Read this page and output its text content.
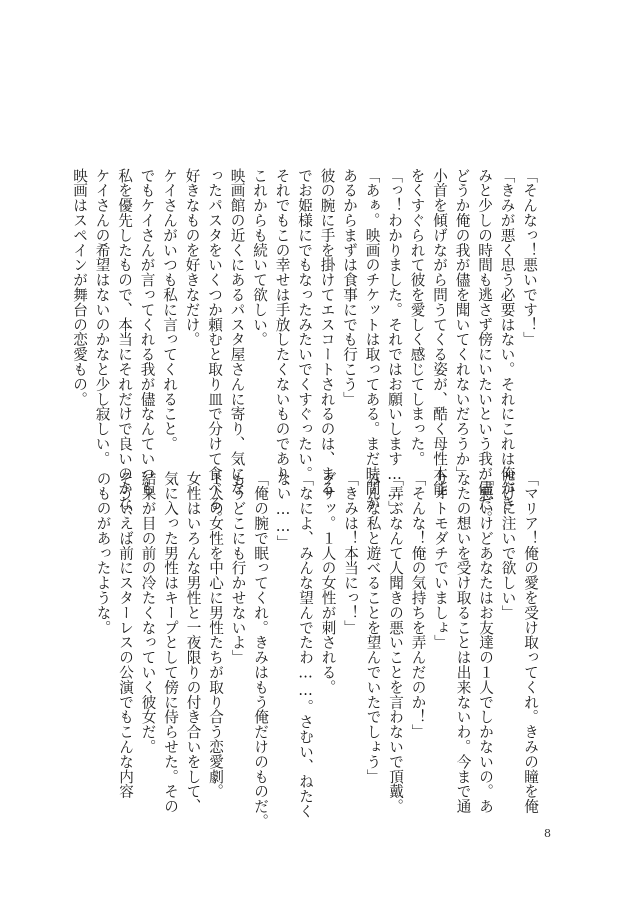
「そんなっ！悪いです！」
「きみが悪く思う必要はない。それにこれは俺がき
みと少しの時間も逃さず傍にいたいという我が儘だ。
どうか俺の我が儘を聞いてくれないだろうか」
小首を傾げながら問うてくる姿が、酷く母性本能
をくすぐられて彼を愛しく感じてしまった。
「っ！わかりました。それではお願いします……」
「あぁ。映画のチケットは取ってある。まだ時間が
あるからまずは食事にでも行こう」
彼の腕に手を掛けてエスコートされるのは、まる
でお姫様にでもなったみたいでくすぐったい。
それでもこの幸せは手放したくないものであり、
これからも続いて欲しい。
映画館の近くにあるパスタ屋さんに寄り、気にな
ったパスタをいくつか頼むと取り皿で分けて食べる。
好きなものを好きなだけ。
ケイさんがいつも私に言ってくれること。
でもケイさんが言ってくれる我が儘なんていつも
私を優先したもので、本当にそれだけで良いのかな、
ケイさんの希望はないのかなと少し寂しい。
映画はスペインが舞台の恋愛もの。
「マリア！俺の愛を受け取ってくれ。きみの瞳を俺
だけに注いで欲しい」
「悪いけどあなたはお友達の１人でしかないの。あ
なたの想いを受け取ることは出来ないわ。今まで通
りオトモダチでいましょ」
「そんな！俺の気持ちを弄んだのか！」
「弄ぶなんて人聞きの悪いことを言わないで頂戴。
みんな私と遊べることを望んでいたでしょう」
「きみは！本当にっ！」
グサッ。１人の女性が刺される。
「なによ、みんな望んでたわ……。さむい、ねたく
ない……」
「俺の腕で眠ってくれ。きみはもう俺だけのものだ。
もうどこにも行かせないよ」
１人の女性を中心に男性たちが取り合う恋愛劇。
女性はいろんな男性と一夜限りの付き合いをして、
気に入った男性はキープとして傍に侍らせた。その
結果が目の前の冷たくなっていく彼女だ。
そういえば前にスターレスの公演でもこんな内容
のものがあったような。
8
